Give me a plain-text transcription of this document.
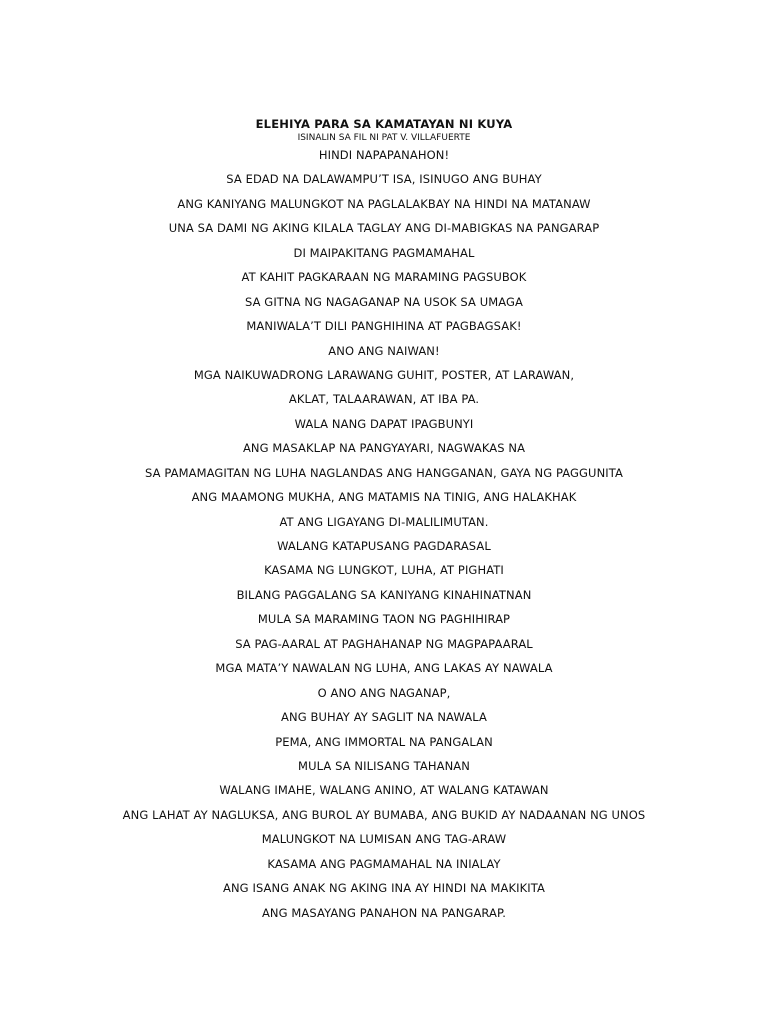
ELEHIYA PARA SA KAMATAYAN NI KUYA
ISINALIN SA FIL NI PAT V. VILLAFUERTE
HINDI NAPAPANAHON!
SA EDAD NA DALAWAMPU’T ISA, ISINUGO ANG BUHAY
ANG KANIYANG MALUNGKOT NA PAGLALAKBAY NA HINDI NA MATANAW
UNA SA DAMI NG AKING KILALA TAGLAY ANG DI-MABIGKAS NA PANGARAP
DI MAIPAKITANG PAGMAMAHAL
AT KAHIT PAGKARAAN NG MARAMING PAGSUBOK
SA GITNA NG NAGAGANAP NA USOK SA UMAGA
MANIWALA’T DILI PANGHIHINA AT PAGBAGSAK!
ANO ANG NAIWAN!
MGA NAIKUWADRONG LARAWANG GUHIT, POSTER, AT LARAWAN,
AKLAT, TALAARAWAN, AT IBA PA.
WALA NANG DAPAT IPAGBUNYI
ANG MASAKLAP NA PANGYAYARI, NAGWAKAS NA
SA PAMAMAGITAN NG LUHA NAGLANDAS ANG HANGGANAN, GAYA NG PAGGUNITA
ANG MAAMONG MUKHA, ANG MATAMIS NA TINIG, ANG HALAKHAK
AT ANG LIGAYANG DI-MALILIMUTAN.
WALANG KATAPUSANG PAGDARASAL
KASAMA NG LUNGKOT, LUHA, AT PIGHATI
BILANG PAGGALANG SA KANIYANG KINAHINATNAN
MULA SA MARAMING TAON NG PAGHIHIRAP
SA PAG-AARAL AT PAGHAHANAP NG MAGPAPAARAL
MGA MATA’Y NAWALAN NG LUHA, ANG LAKAS AY NAWALA
O ANO ANG NAGANAP,
ANG BUHAY AY SAGLIT NA NAWALA
PEMA, ANG IMMORTAL NA PANGALAN
MULA SA NILISANG TAHANAN
WALANG IMAHE, WALANG ANINO, AT WALANG KATAWAN
ANG LAHAT AY NAGLUKSA, ANG BUROL AY BUMABA, ANG BUKID AY NADAANAN NG UNOS
MALUNGKOT NA LUMISAN ANG TAG-ARAW
KASAMA ANG PAGMAMAHAL NA INIALAY
ANG ISANG ANAK NG AKING INA AY HINDI NA MAKIKITA
ANG MASAYANG PANAHON NA PANGARAP.
